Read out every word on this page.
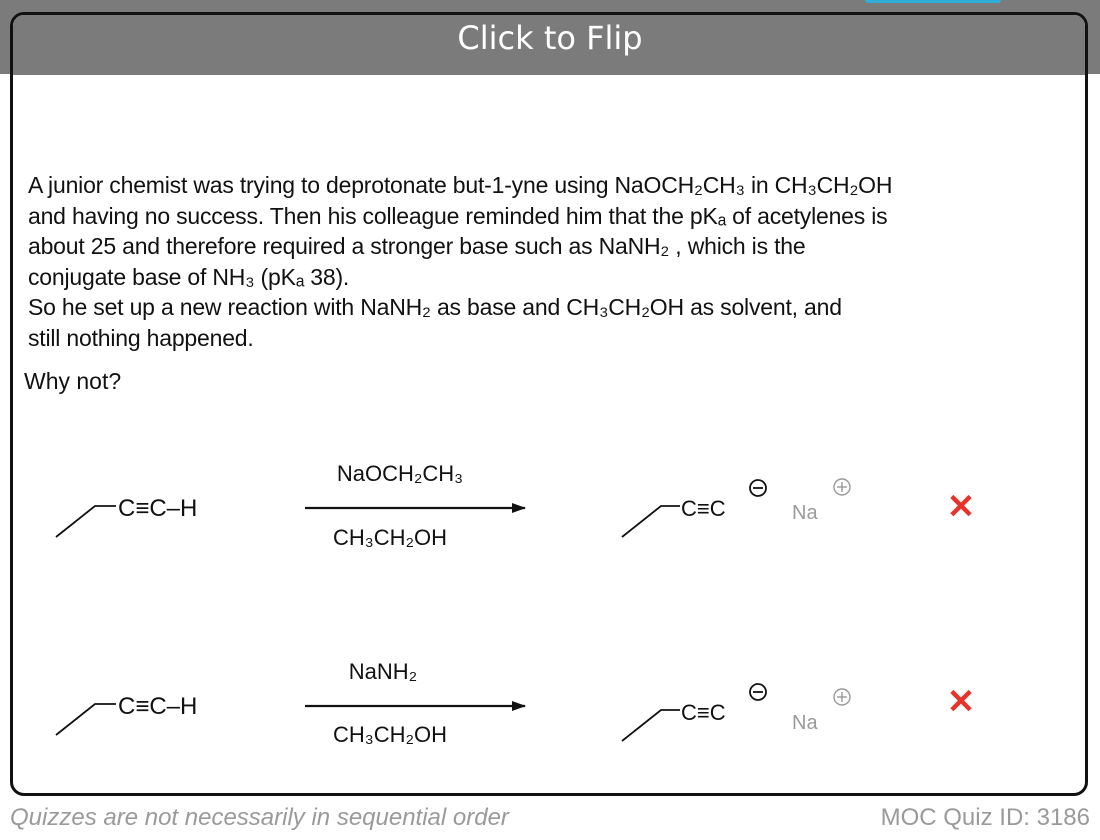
Click to Flip
A junior chemist was trying to deprotonate but-1-yne using NaOCH₂CH₃ in CH₃CH₂OH
and having no success. Then his colleague reminded him that the pKₐ of acetylenes is
about 25 and therefore required a stronger base such as NaNH₂ , which is the
conjugate base of NH₃ (pKₐ 38).
So he set up a new reaction with NaNH₂ as base and CH₃CH₂OH as solvent, and
still nothing happened.
Why not?
C≡C–H
NaOCH₂CH₃
CH₃CH₂OH
C≡C	Na	✕
C≡C–H
NaNH₂
CH₃CH₂OH
C≡C	Na
✕
Quizzes are not necessarily in sequential order	MOC Quiz ID: 3186
